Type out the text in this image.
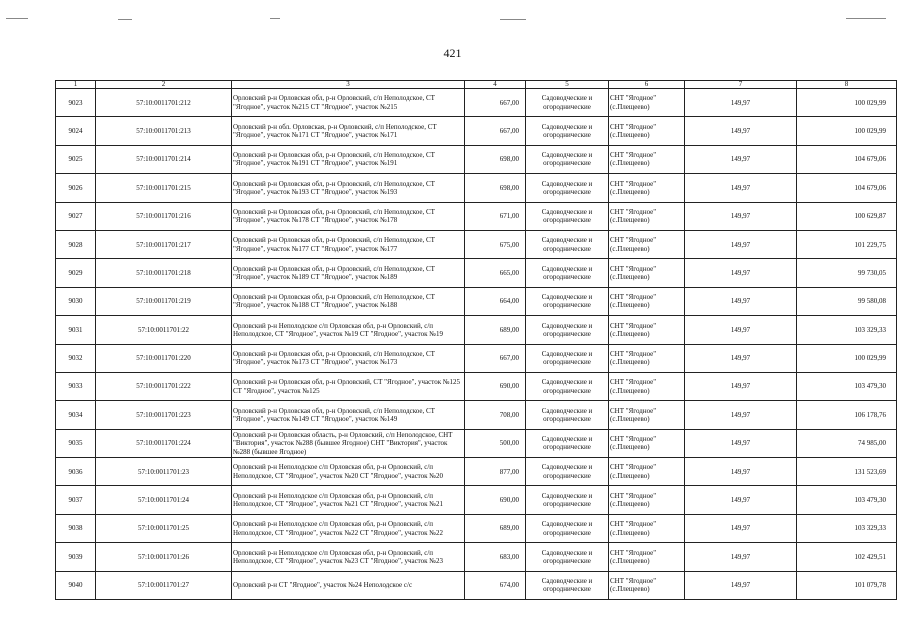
421
1	2	3	4	5	6	7	8
9023	57:10:0011701:212	Орловский р-н Орловская обл, р-н Орловский, с/п Неполодское, СТ "Ягодное", участок №215 СТ "Ягодное", участок №215	667,00	Садоводческие и
огороднические	СНТ "Ягодное"
(с.Плещеево)	149,97	100 029,99
9024	57:10:0011701:213	Орловский р-н обл. Орловская, р-н Орловский, с/п Неполодское, СТ "Ягодное", участок №171 СТ "Ягодное", участок №171	667,00	Садоводческие и
огороднические	СНТ "Ягодное"
(с.Плещеево)	149,97	100 029,99
9025	57:10:0011701:214	Орловский р-н Орловская обл, р-н Орловский, с/п Неполодское, СТ "Ягодное", участок №191 СТ "Ягодное", участок №191	698,00	Садоводческие и
огороднические	СНТ "Ягодное"
(с.Плещеево)	149,97	104 679,06
9026	57:10:0011701:215	Орловский р-н Орловская обл, р-н Орловский, с/п Неполодское, СТ "Ягодное", участок №193 СТ "Ягодное", участок №193	698,00	Садоводческие и
огороднические	СНТ "Ягодное"
(с.Плещеево)	149,97	104 679,06
9027	57:10:0011701:216	Орловский р-н Орловская обл, р-н Орловский, с/п Неполодское, СТ "Ягодное", участок №178 СТ "Ягодное", участок №178	671,00	Садоводческие и
огороднические	СНТ "Ягодное"
(с.Плещеево)	149,97	100 629,87
9028	57:10:0011701:217	Орловский р-н Орловская обл, р-н Орловский, с/п Неполодское, СТ "Ягодное", участок №177 СТ "Ягодное", участок №177	675,00	Садоводческие и
огороднические	СНТ "Ягодное"
(с.Плещеево)	149,97	101 229,75
9029	57:10:0011701:218	Орловский р-н Орловская обл, р-н Орловский, с/п Неполодское, СТ "Ягодное", участок №189 СТ "Ягодное", участок №189	665,00	Садоводческие и
огороднические	СНТ "Ягодное"
(с.Плещеево)	149,97	99 730,05
9030	57:10:0011701:219	Орловский р-н Орловская обл, р-н Орловский, с/п Неполодское, СТ "Ягодное", участок №188 СТ "Ягодное", участок №188	664,00	Садоводческие и
огороднические	СНТ "Ягодное"
(с.Плещеево)	149,97	99 580,08
9031	57:10:0011701:22	Орловский р-н Неполодское с/п Орловская обл, р-н Орловский, с/п Неполодское, СТ "Ягодное", участок №19 СТ "Ягодное", участок №19	689,00	Садоводческие и
огороднические	СНТ "Ягодное"
(с.Плещеево)	149,97	103 329,33
9032	57:10:0011701:220	Орловский р-н Орловская обл, р-н Орловский, с/п Неполодское, СТ "Ягодное", участок №173 СТ "Ягодное", участок №173	667,00	Садоводческие и
огороднические	СНТ "Ягодное"
(с.Плещеево)	149,97	100 029,99
9033	57:10:0011701:222	Орловский р-н Орловская обл, р-н Орловский, СТ "Ягодное", участок №125 СТ "Ягодное", участок №125	690,00	Садоводческие и
огороднические	СНТ "Ягодное"
(с.Плещеево)	149,97	103 479,30
9034	57:10:0011701:223	Орловский р-н Орловская обл, р-н Орловский, с/п Неполодское, СТ "Ягодное", участок №149 СТ "Ягодное", участок №149	708,00	Садоводческие и
огороднические	СНТ "Ягодное"
(с.Плещеево)	149,97	106 178,76
9035	57:10:0011701:224	Орловский р-н Орловская область, р-н Орловский, с/п Неполодское, СНТ "Виктория", участок №288 (бывшее Ягодное) СНТ "Виктория", участок №288 (бывшее Ягодное)	500,00	Садоводческие и
огороднические	СНТ "Ягодное"
(с.Плещеево)	149,97	74 985,00
9036	57:10:0011701:23	Орловский р-н Неполодское с/п Орловская обл, р-н Орловский, с/п Неполодское, СТ "Ягодное", участок №20 СТ "Ягодное", участок №20	877,00	Садоводческие и
огороднические	СНТ "Ягодное"
(с.Плещеево)	149,97	131 523,69
9037	57:10:0011701:24	Орловский р-н Неполодское с/п Орловская обл, р-н Орловский, с/п Неполодское, СТ "Ягодное", участок №21 СТ "Ягодное", участок №21	690,00	Садоводческие и
огороднические	СНТ "Ягодное"
(с.Плещеево)	149,97	103 479,30
9038	57:10:0011701:25	Орловский р-н Неполодское с/п Орловская обл, р-н Орловский, с/п Неполодское, СТ "Ягодное", участок №22 СТ "Ягодное", участок №22	689,00	Садоводческие и
огороднические	СНТ "Ягодное"
(с.Плещеево)	149,97	103 329,33
9039	57:10:0011701:26	Орловский р-н Неполодское с/п Орловская обл, р-н Орловский, с/п Неполодское, СТ "Ягодное", участок №23 СТ "Ягодное", участок №23	683,00	Садоводческие и
огороднические	СНТ "Ягодное"
(с.Плещеево)	149,97	102 429,51
9040	57:10:0011701:27	Орловский р-н СТ "Ягодное", участок №24 Неполодское с/с	674,00	Садоводческие и
огороднические	СНТ "Ягодное"
(с.Плещеево)	149,97	101 079,78
